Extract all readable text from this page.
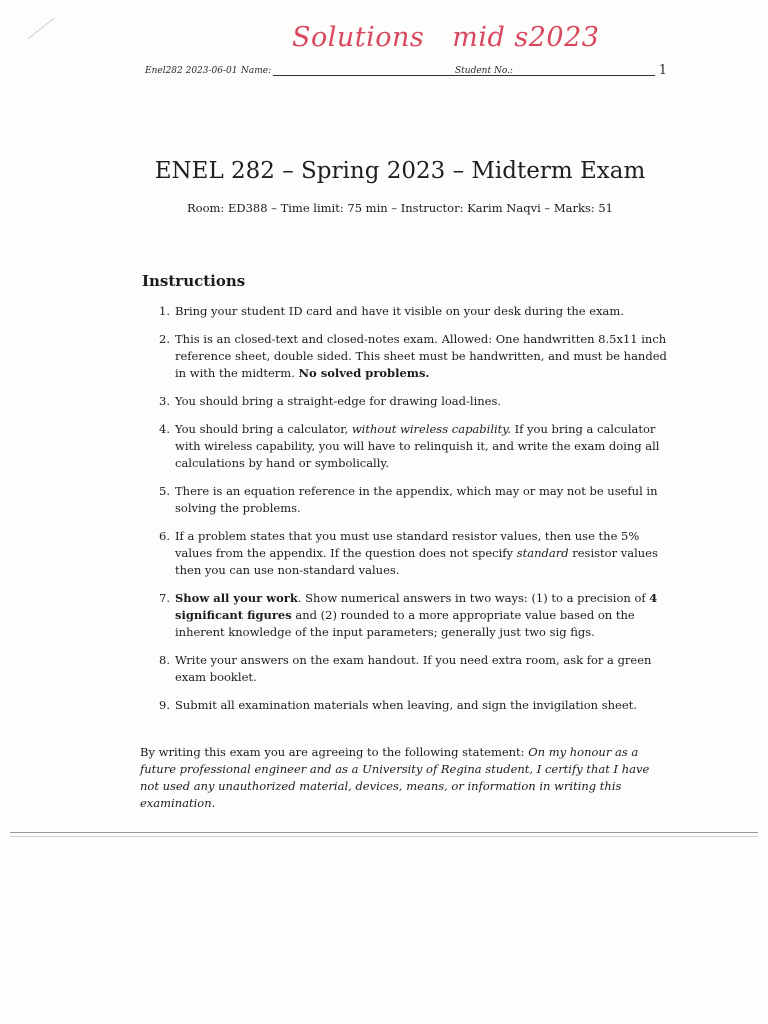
Solutions mid s2023
Enel282 2023-06-01 Name:	Student No.:	1
ENEL 282 – Spring 2023 – Midterm Exam
Room: ED388 – Time limit: 75 min – Instructor: Karim Naqvi – Marks: 51
Instructions
1. Bring your student ID card and have it visible on your desk during the exam.
2. This is an closed-text and closed-notes exam. Allowed: One handwritten 8.5x11 inch reference sheet, double sided. This sheet must be handwritten, and must be handed in with the midterm. No solved problems.
3. You should bring a straight-edge for drawing load-lines.
4. You should bring a calculator, without wireless capability. If you bring a calculator with wireless capability, you will have to relinquish it, and write the exam doing all calculations by hand or symbolically.
5. There is an equation reference in the appendix, which may or may not be useful in solving the problems.
6. If a problem states that you must use standard resistor values, then use the 5% values from the appendix. If the question does not specify standard resistor values then you can use non-standard values.
7. Show all your work. Show numerical answers in two ways: (1) to a precision of 4 significant figures and (2) rounded to a more appropriate value based on the inherent knowledge of the input parameters; generally just two sig figs.
8. Write your answers on the exam handout. If you need extra room, ask for a green exam booklet.
9. Submit all examination materials when leaving, and sign the invigilation sheet.
By writing this exam you are agreeing to the following statement: On my honour as a future professional engineer and as a University of Regina student, I certify that I have not used any unauthorized material, devices, means, or information in writing this examination.
